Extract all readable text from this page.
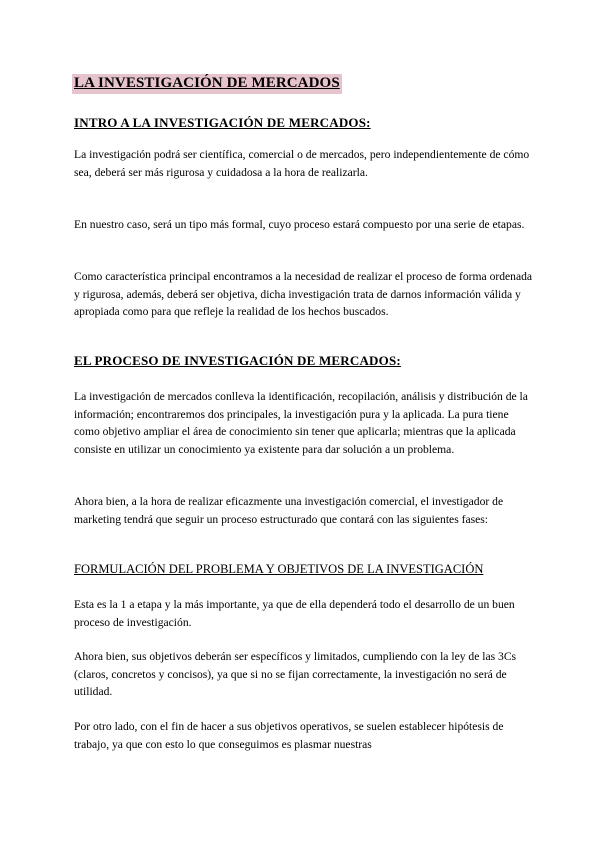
LA INVESTIGACIÓN DE MERCADOS
INTRO A LA INVESTIGACIÓN DE MERCADOS:

La investigación podrá ser científica, comercial o de mercados, pero independientemente de cómo sea, deberá ser más rigurosa y cuidadosa a la hora de realizarla.

En nuestro caso, será un tipo más formal, cuyo proceso estará compuesto por una serie de etapas.

Como característica principal encontramos a la necesidad de realizar el proceso de forma ordenada y rigurosa, además, deberá ser objetiva, dicha investigación trata de darnos información válida y apropiada como para que refleje la realidad de los hechos buscados.

EL PROCESO DE INVESTIGACIÓN DE MERCADOS:

La investigación de mercados conlleva la identificación, recopilación, análisis y distribución de la información; encontraremos dos principales, la investigación pura y la aplicada. La pura tiene como objetivo ampliar el área de conocimiento sin tener que aplicarla; mientras que la aplicada consiste en utilizar un conocimiento ya existente para dar solución a un problema.

Ahora bien, a la hora de realizar eficazmente una investigación comercial, el investigador de marketing tendrá que seguir un proceso estructurado que contará con las siguientes fases:

FORMULACIÓN DEL PROBLEMA Y OBJETIVOS DE LA INVESTIGACIÓN

Esta es la 1 a etapa y la más importante, ya que de ella dependerá todo el desarrollo de un buen proceso de investigación.

Ahora bien, sus objetivos deberán ser específicos y limitados, cumpliendo con la ley de las 3Cs (claros, concretos y concisos), ya que si no se fijan correctamente, la investigación no será de utilidad.

Por otro lado, con el fin de hacer a sus objetivos operativos, se suelen establecer hipótesis de trabajo, ya que con esto lo que conseguimos es plasmar nuestras
